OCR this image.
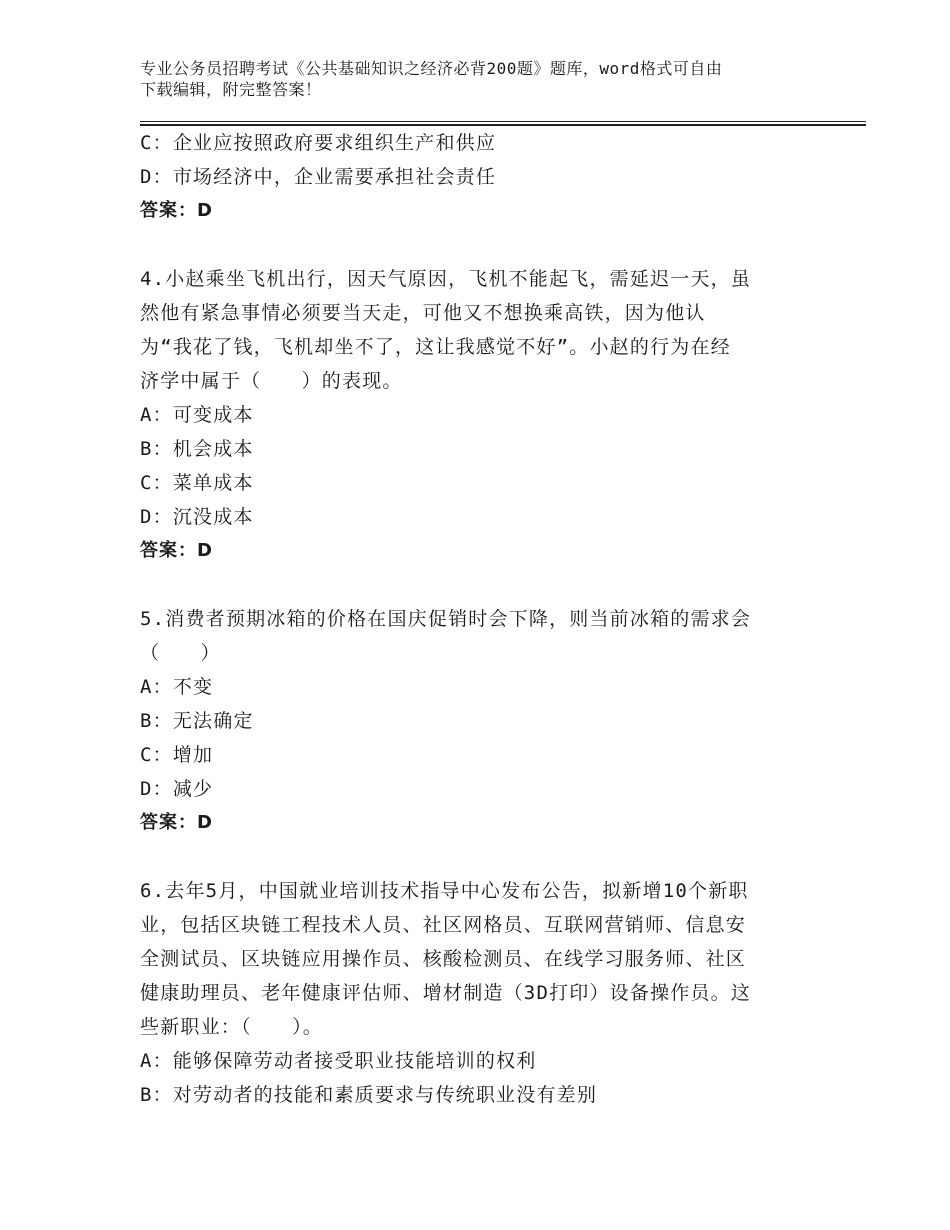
专业公务员招聘考试《公共基础知识之经济必背200题》题库，word格式可自由
下载编辑，附完整答案！
C：企业应按照政府要求组织生产和供应
D：市场经济中，企业需要承担社会责任
答案：D
4.小赵乘坐飞机出行，因天气原因，飞机不能起飞，需延迟一天，虽
然他有紧急事情必须要当天走，可他又不想换乘高铁，因为他认
为“我花了钱，飞机却坐不了，这让我感觉不好”。小赵的行为在经
济学中属于（　　）的表现。
A：可变成本
B：机会成本
C：菜单成本
D：沉没成本
答案：D
5.消费者预期冰箱的价格在国庆促销时会下降，则当前冰箱的需求会
（　　）
A：不变
B：无法确定
C：增加
D：减少
答案：D
6.去年5月，中国就业培训技术指导中心发布公告，拟新增10个新职
业，包括区块链工程技术人员、社区网格员、互联网营销师、信息安
全测试员、区块链应用操作员、核酸检测员、在线学习服务师、社区
健康助理员、老年健康评估师、增材制造（3D打印）设备操作员。这
些新职业：（　　）。
A：能够保障劳动者接受职业技能培训的权利
B：对劳动者的技能和素质要求与传统职业没有差别
